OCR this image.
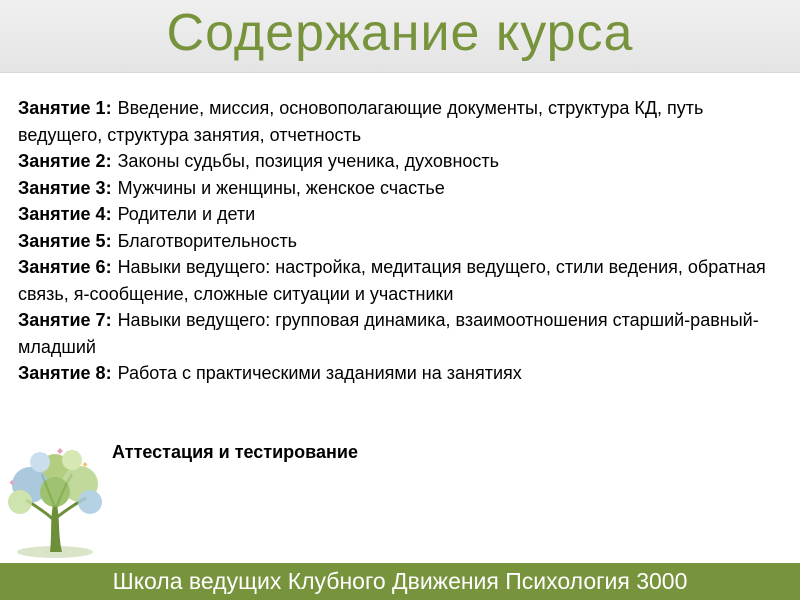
Содержание курса

Занятие 1: Введение, миссия, основополагающие документы, структура КД, путь ведущего, структура занятия, отчетность

Занятие 2: Законы судьбы, позиция ученика, духовность

Занятие 3: Мужчины и женщины, женское счастье

Занятие 4: Родители и дети

Занятие 5: Благотворительность

Занятие 6: Навыки ведущего: настройка, медитация ведущего, стили ведения, обратная связь, я-сообщение, сложные ситуации и участники

Занятие 7: Навыки ведущего: групповая динамика, взаимоотношения старший-равный-младший

Занятие 8: Работа с практическими заданиями на занятиях

Аттестация и тестирование
Школа ведущих Клубного Движения Психология 3000
